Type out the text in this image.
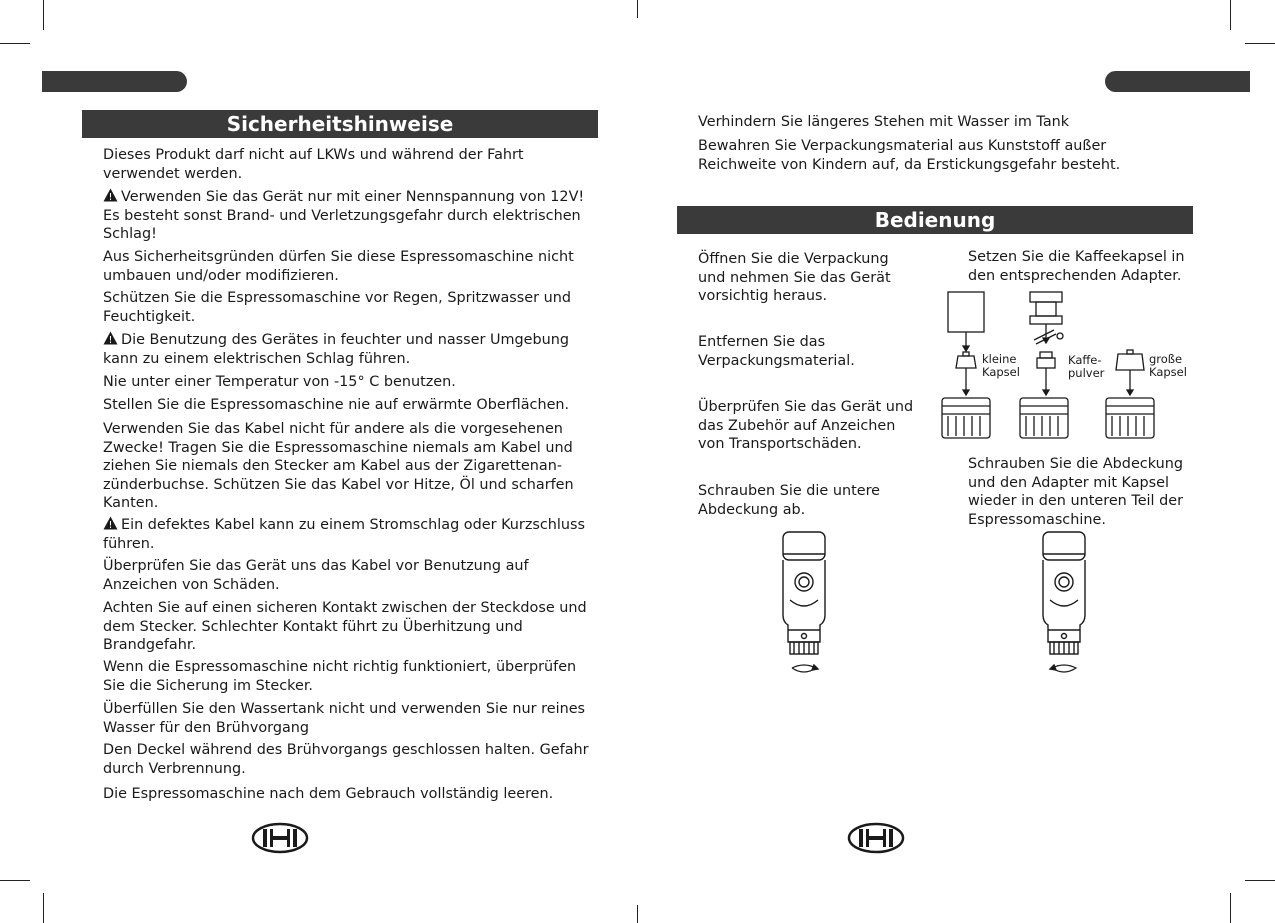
Sicherheitshinweise

Dieses Produkt darf nicht auf LKWs und während der Fahrt verwendet werden.

Verwenden Sie das Gerät nur mit einer Nennspannung von 12V! Es besteht sonst Brand- und Verletzungsgefahr durch elektrischen Schlag!

Aus Sicherheitsgründen dürfen Sie diese Espressomaschine nicht umbauen und/oder modifizieren.

Schützen Sie die Espressomaschine vor Regen, Spritzwasser und Feuchtigkeit.

Die Benutzung des Gerätes in feuchter und nasser Umgebung kann zu einem elektrischen Schlag führen.

Nie unter einer Temperatur von -15° C benutzen.

Stellen Sie die Espressomaschine nie auf erwärmte Oberflächen.

Verwenden Sie das Kabel nicht für andere als die vorgesehenen Zwecke! Tragen Sie die Espressomaschine niemals am Kabel und ziehen Sie niemals den Stecker am Kabel aus der Zigarettenan-zünderbuchse. Schützen Sie das Kabel vor Hitze, Öl und scharfen Kanten.

Ein defektes Kabel kann zu einem Stromschlag oder Kurzschluss führen.

Überprüfen Sie das Gerät uns das Kabel vor Benutzung auf Anzeichen von Schäden.

Achten Sie auf einen sicheren Kontakt zwischen der Steckdose und dem Stecker. Schlechter Kontakt führt zu Überhitzung und Brandgefahr.

Wenn die Espressomaschine nicht richtig funktioniert, überprüfen Sie die Sicherung im Stecker.

Überfüllen Sie den Wassertank nicht und verwenden Sie nur reines Wasser für den Brühvorgang

Den Deckel während des Brühvorgangs geschlossen halten. Gefahr durch Verbrennung.

Die Espressomaschine nach dem Gebrauch vollständig leeren.

Verhindern Sie längeres Stehen mit Wasser im Tank

Bewahren Sie Verpackungsmaterial aus Kunststoff außer Reichweite von Kindern auf, da Erstickungsgefahr besteht.

Bedienung

Öffnen Sie die Verpackung und nehmen Sie das Gerät vorsichtig heraus.

Entfernen Sie das Verpackungsmaterial.

Überprüfen Sie das Gerät und das Zubehör auf Anzeichen von Transportschäden.

Schrauben Sie die untere Abdeckung ab.

Setzen Sie die Kaffeekapsel in den entsprechenden Adapter.

Schrauben Sie die Abdeckung und den Adapter mit Kapsel wieder in den unteren Teil der Espressomaschine.

kleine Kapsel
Kaffe-pulver
große Kapsel
